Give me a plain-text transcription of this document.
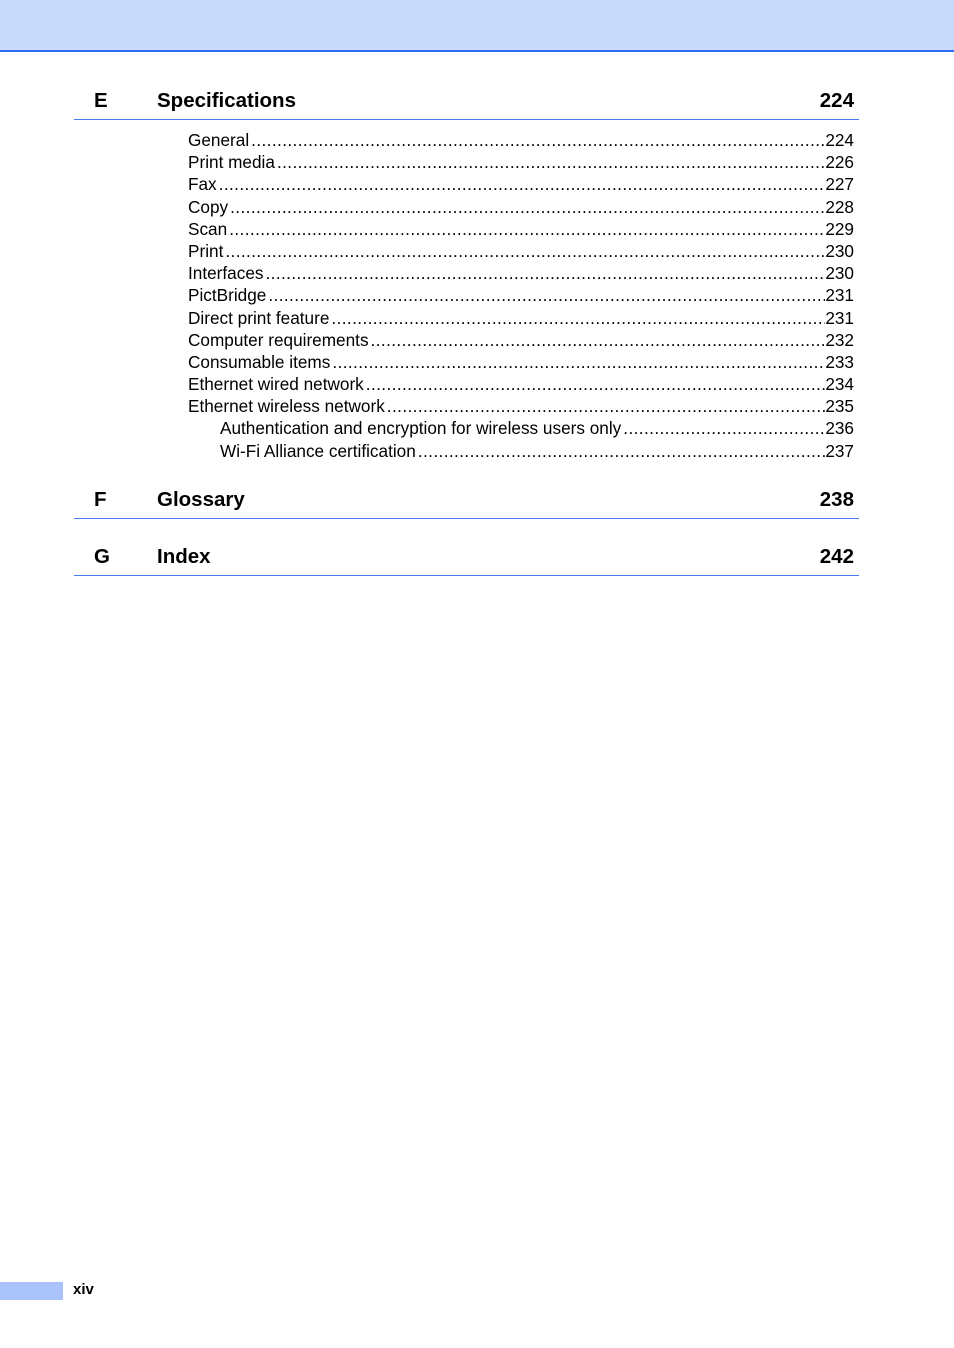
E Specifications	224
General .....	224
Print media .....	226
Fax .....	227
Copy .....	228
Scan .....	229
Print .....	230
Interfaces .....	230
PictBridge .....	231
Direct print feature .....	231
Computer requirements .....	232
Consumable items .....	233
Ethernet wired network .....	234
Ethernet wireless network .....	235
Authentication and encryption for wireless users only .....	236
Wi-Fi Alliance certification .....	237
F Glossary	238
G Index	242
xiv
